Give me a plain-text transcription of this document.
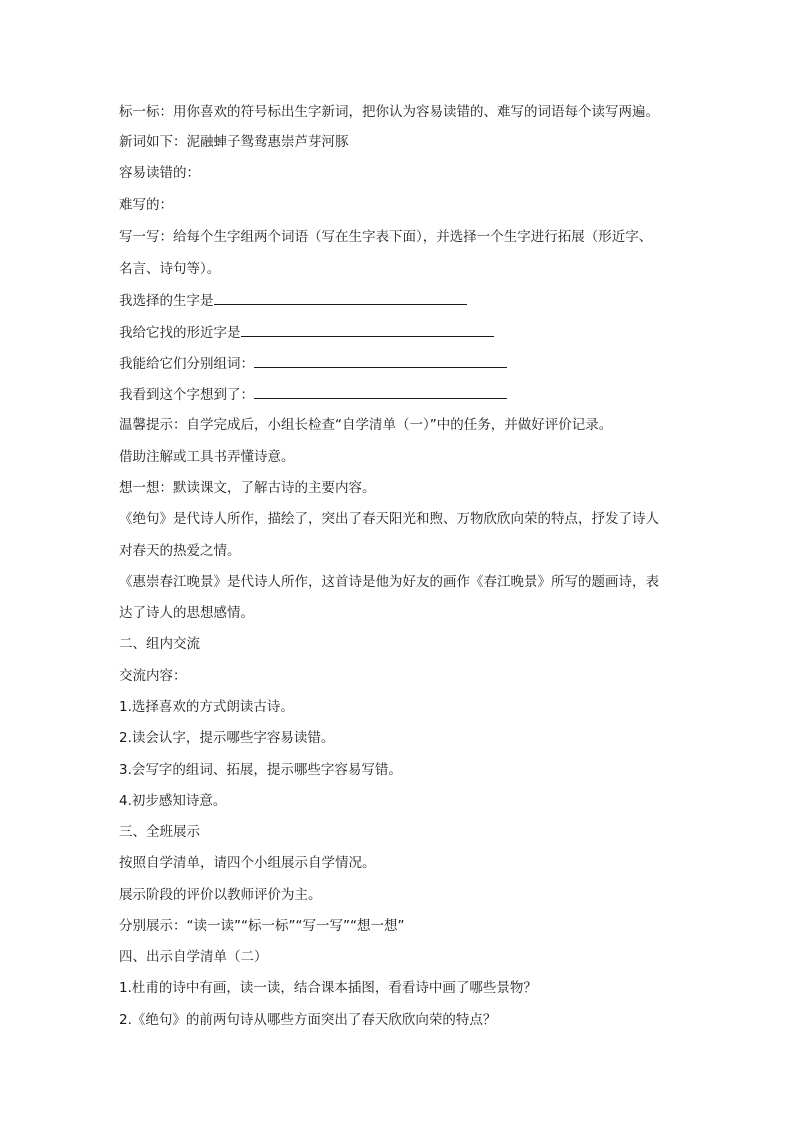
标一标：用你喜欢的符号标出生字新词，把你认为容易读错的、难写的词语每个读写两遍。
新词如下：泥融蛼子鸳鸯惠崇芦芽河豚
容易读错的：
难写的：
写一写：给每个生字组两个词语（写在生字表下面），并选择一个生字进行拓展（形近字、
名言、诗句等）。
我选择的生字是
我给它找的形近字是
我能给它们分别组词：
我看到这个字想到了：
温馨提示：自学完成后，小组长检查“自学清单（一）”中的任务，并做好评价记录。
借助注解或工具书弄懂诗意。
想一想：默读课文，了解古诗的主要内容。
《绝句》是代诗人所作，描绘了，突出了春天阳光和煦、万物欣欣向荣的特点，抒发了诗人
对春天的热爱之情。
《惠崇春江晚景》是代诗人所作，这首诗是他为好友的画作《春江晚景》所写的题画诗，表
达了诗人的思想感情。
二、组内交流
交流内容：
1.选择喜欢的方式朗读古诗。
2.读会认字，提示哪些字容易读错。
3.会写字的组词、拓展，提示哪些字容易写错。
4.初步感知诗意。
三、全班展示
按照自学清单，请四个小组展示自学情况。
展示阶段的评价以教师评价为主。
分别展示：“读一读”“标一标”“写一写”“想一想”
四、出示自学清单（二）
1.杜甫的诗中有画，读一读，结合课本插图，看看诗中画了哪些景物？
2.《绝句》的前两句诗从哪些方面突出了春天欣欣向荣的特点？
